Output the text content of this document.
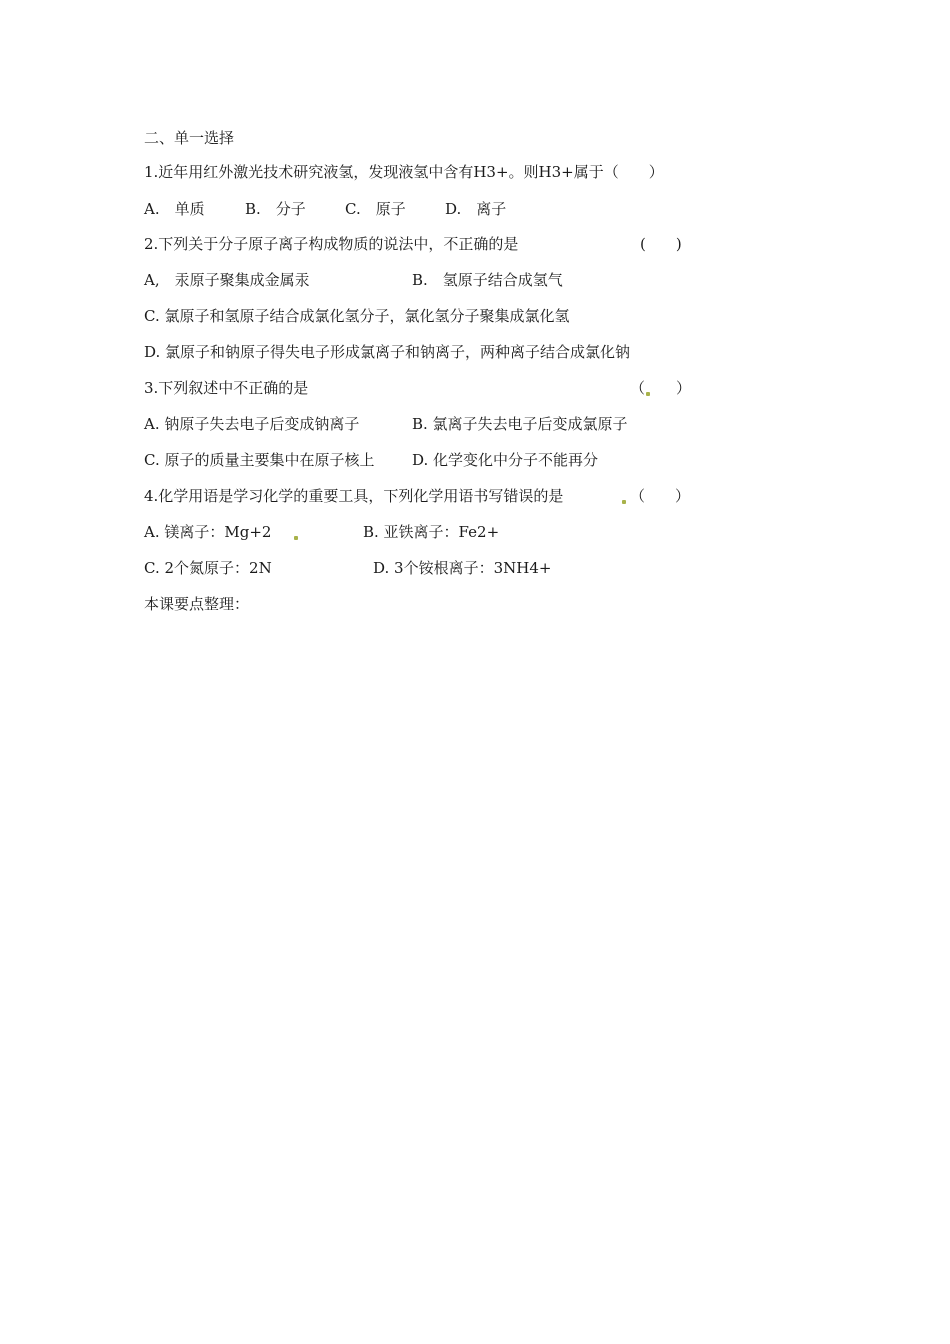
二、单一选择
1.近年用红外激光技术研究液氢，发现液氢中含有H3+。则H3+属于（　　）
A.　单质	B.　分子	C.　原子	D.　离子
2.下列关于分子原子离子构成物质的说法中，不正确的是	(　　)
A,　汞原子聚集成金属汞	B.　氢原子结合成氢气
C. 氯原子和氢原子结合成氯化氢分子，氯化氢分子聚集成氯化氢
D. 氯原子和钠原子得失电子形成氯离子和钠离子，两种离子结合成氯化钠
3.下列叙述中不正确的是	（ ）
A. 钠原子失去电子后变成钠离子	B. 氯离子失去电子后变成氯原子
C. 原子的质量主要集中在原子核上	D. 化学变化中分子不能再分
4.化学用语是学习化学的重要工具，下列化学用语书写错误的是	（　　）
A. 镁离子：Mg+2	B. 亚铁离子：Fe2+
C. 2个氮原子：2N	D. 3个铵根离子：3NH4+
本课要点整理：
